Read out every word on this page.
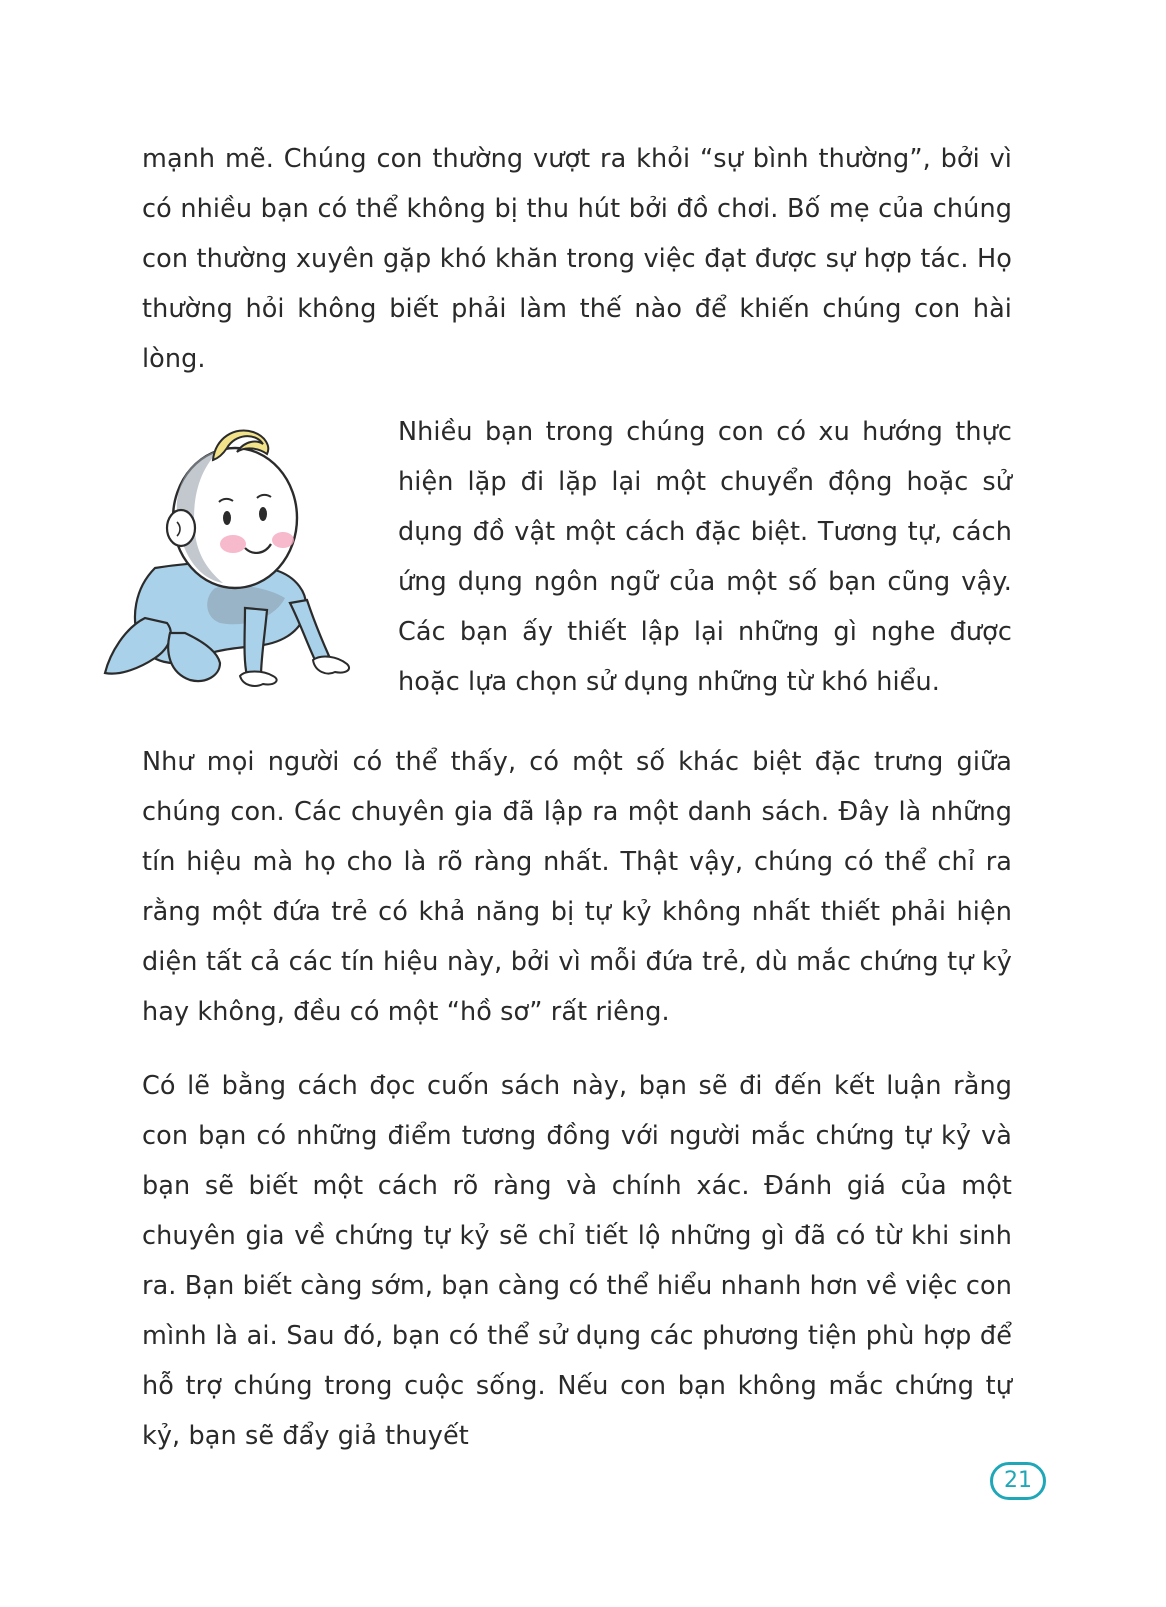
mạnh mẽ. Chúng con thường vượt ra khỏi “sự bình thường”, bởi vì có nhiều bạn có thể không bị thu hút bởi đồ chơi. Bố mẹ của chúng con thường xuyên gặp khó khăn trong việc đạt được sự hợp tác. Họ thường hỏi không biết phải làm thế nào để khiến chúng con hài lòng.

Nhiều bạn trong chúng con có xu hướng thực hiện lặp đi lặp lại một chuyển động hoặc sử dụng đồ vật một cách đặc biệt. Tương tự, cách ứng dụng ngôn ngữ của một số bạn cũng vậy. Các bạn ấy thiết lập lại những gì nghe được hoặc lựa chọn sử dụng những từ khó hiểu.

Như mọi người có thể thấy, có một số khác biệt đặc trưng giữa chúng con. Các chuyên gia đã lập ra một danh sách. Đây là những tín hiệu mà họ cho là rõ ràng nhất. Thật vậy, chúng có thể chỉ ra rằng một đứa trẻ có khả năng bị tự kỷ không nhất thiết phải hiện diện tất cả các tín hiệu này, bởi vì mỗi đứa trẻ, dù mắc chứng tự kỷ hay không, đều có một “hồ sơ” rất riêng.

Có lẽ bằng cách đọc cuốn sách này, bạn sẽ đi đến kết luận rằng con bạn có những điểm tương đồng với người mắc chứng tự kỷ và bạn sẽ biết một cách rõ ràng và chính xác. Đánh giá của một chuyên gia về chứng tự kỷ sẽ chỉ tiết lộ những gì đã có từ khi sinh ra. Bạn biết càng sớm, bạn càng có thể hiểu nhanh hơn về việc con mình là ai. Sau đó, bạn có thể sử dụng các phương tiện phù hợp để hỗ trợ chúng trong cuộc sống. Nếu con bạn không mắc chứng tự kỷ, bạn sẽ đẩy giả thuyết

21
